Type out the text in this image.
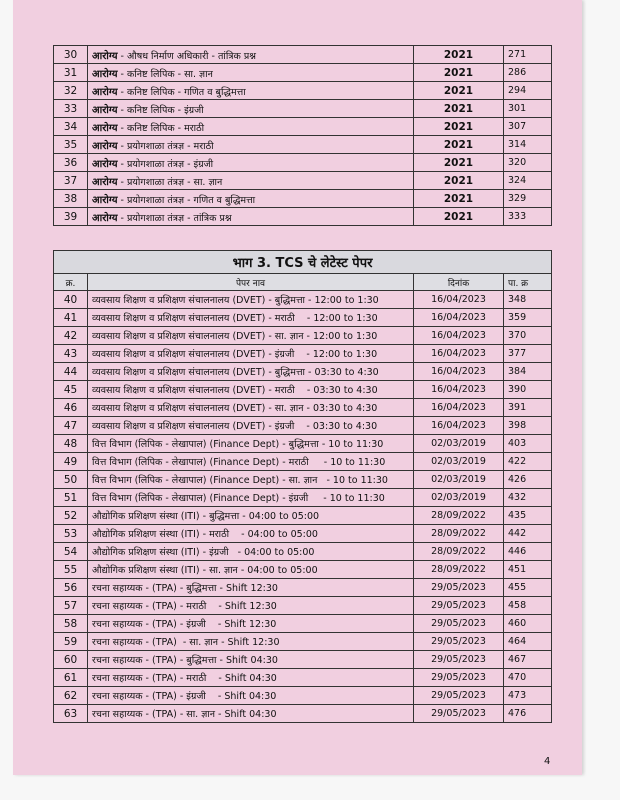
30	आरोग्य - औषध निर्माण अधिकारी - तांत्रिक प्रश्न	2021	271
31	आरोग्य - कनिष्ट लिपिक - सा. ज्ञान	2021	286
32	आरोग्य - कनिष्ट लिपिक - गणित व बुद्धिमत्ता	2021	294
33	आरोग्य - कनिष्ट लिपिक - इंग्रजी	2021	301
34	आरोग्य - कनिष्ट लिपिक - मराठी	2021	307
35	आरोग्य - प्रयोगशाळा तंत्रज्ञ - मराठी	2021	314
36	आरोग्य - प्रयोगशाळा तंत्रज्ञ - इंग्रजी	2021	320
37	आरोग्य - प्रयोगशाळा तंत्रज्ञ - सा. ज्ञान	2021	324
38	आरोग्य - प्रयोगशाळा तंत्रज्ञ - गणित व बुद्धिमत्ता	2021	329
39	आरोग्य - प्रयोगशाळा तंत्रज्ञ - तांत्रिक प्रश्न	2021	333
भाग 3. TCS चे लेटेस्ट पेपर			
क्र.	पेपर नाव	दिनांक	पा. क्र
40	व्यवसाय शिक्षण व प्रशिक्षण संचालनालय (DVET) - बुद्धिमत्ता - 12:00 to 1:30	16/04/2023	348
41	व्यवसाय शिक्षण व प्रशिक्षण संचालनालय (DVET) - मराठी    - 12:00 to 1:30	16/04/2023	359
42	व्यवसाय शिक्षण व प्रशिक्षण संचालनालय (DVET) - सा. ज्ञान - 12:00 to 1:30	16/04/2023	370
43	व्यवसाय शिक्षण व प्रशिक्षण संचालनालय (DVET) - इंग्रजी    - 12:00 to 1:30	16/04/2023	377
44	व्यवसाय शिक्षण व प्रशिक्षण संचालनालय (DVET) - बुद्धिमत्ता - 03:30 to 4:30	16/04/2023	384
45	व्यवसाय शिक्षण व प्रशिक्षण संचालनालय (DVET) - मराठी    - 03:30 to 4:30	16/04/2023	390
46	व्यवसाय शिक्षण व प्रशिक्षण संचालनालय (DVET) - सा. ज्ञान - 03:30 to 4:30	16/04/2023	391
47	व्यवसाय शिक्षण व प्रशिक्षण संचालनालय (DVET) - इंग्रजी    - 03:30 to 4:30	16/04/2023	398
48	वित्त विभाग (लिपिक - लेखापाल) (Finance Dept) - बुद्धिमत्ता - 10 to 11:30	02/03/2019	403
49	वित्त विभाग (लिपिक - लेखापाल) (Finance Dept) - मराठी     - 10 to 11:30	02/03/2019	422
50	वित्त विभाग (लिपिक - लेखापाल) (Finance Dept) - सा. ज्ञान   - 10 to 11:30	02/03/2019	426
51	वित्त विभाग (लिपिक - लेखापाल) (Finance Dept) - इंग्रजी     - 10 to 11:30	02/03/2019	432
52	औद्योगिक प्रशिक्षण संस्था (ITI) - बुद्धिमत्ता - 04:00 to 05:00	28/09/2022	435
53	औद्योगिक प्रशिक्षण संस्था (ITI) - मराठी    - 04:00 to 05:00	28/09/2022	442
54	औद्योगिक प्रशिक्षण संस्था (ITI) - इंग्रजी   - 04:00 to 05:00	28/09/2022	446
55	औद्योगिक प्रशिक्षण संस्था (ITI) - सा. ज्ञान - 04:00 to 05:00	28/09/2022	451
56	रचना सहाय्यक - (TPA) - बुद्धिमत्ता - Shift 12:30	29/05/2023	455
57	रचना सहाय्यक - (TPA) - मराठी    - Shift 12:30	29/05/2023	458
58	रचना सहाय्यक - (TPA) - इंग्रजी    - Shift 12:30	29/05/2023	460
59	रचना सहाय्यक - (TPA)  - सा. ज्ञान - Shift 12:30	29/05/2023	464
60	रचना सहाय्यक - (TPA) - बुद्धिमत्ता - Shift 04:30	29/05/2023	467
61	रचना सहाय्यक - (TPA) - मराठी    - Shift 04:30	29/05/2023	470
62	रचना सहाय्यक - (TPA) - इंग्रजी    - Shift 04:30	29/05/2023	473
63	रचना सहाय्यक - (TPA) - सा. ज्ञान - Shift 04:30	29/05/2023	476
4
